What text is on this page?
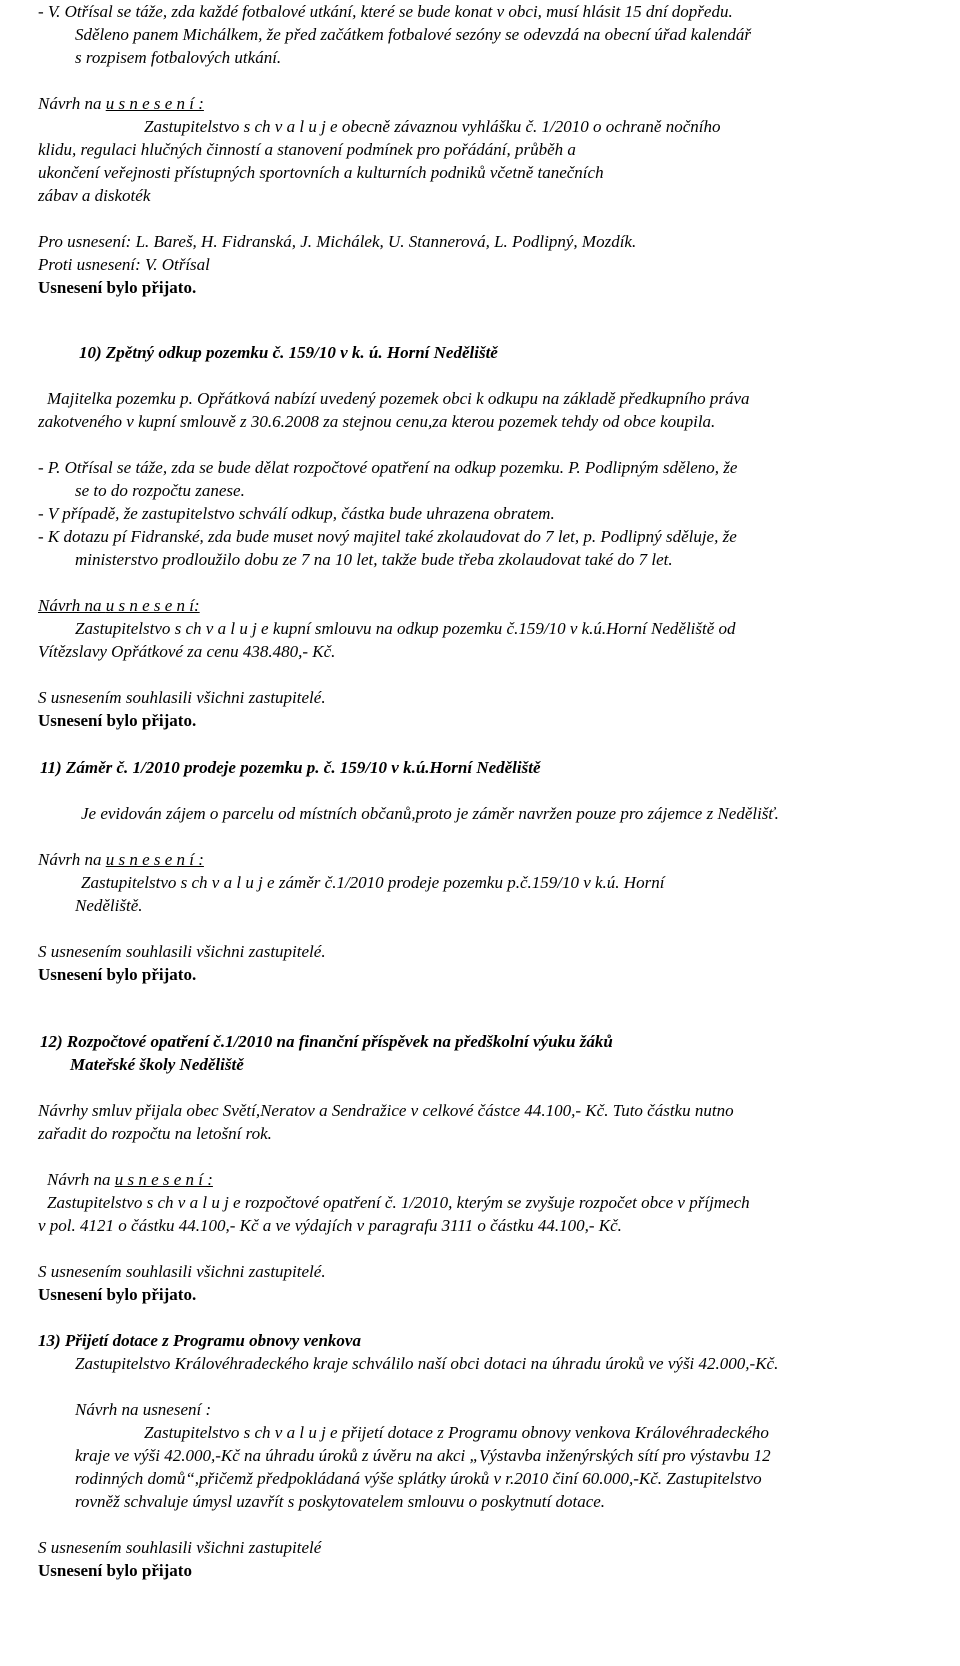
- V. Otřísal se táže, zda každé fotbalové utkání, které se bude konat v obci, musí hlásit 15 dní dopředu.
Sděleno panem Michálkem, že před začátkem fotbalové sezóny se odevzdá na obecní úřad kalendář
s rozpisem fotbalových utkání.
Návrh na u s n e s e n í :
Zastupitelstvo s ch v a l u j e obecně závaznou vyhlášku č. 1/2010 o ochraně nočního
klidu, regulaci hlučných činností a stanovení podmínek pro pořádání, průběh a
ukončení veřejnosti přístupných sportovních a kulturních podniků včetně tanečních
zábav a diskoték
Pro usnesení: L. Bareš, H. Fidranská, J. Michálek, U. Stannerová, L. Podlipný, Mozdík.
Proti usnesení: V. Otřísal
Usnesení bylo přijato.
10) Zpětný odkup pozemku č. 159/10 v k. ú. Horní Neděliště
Majitelka pozemku p. Opřátková nabízí uvedený pozemek obci k odkupu na základě předkupního práva
zakotveného v kupní smlouvě z 30.6.2008 za stejnou cenu,za kterou pozemek tehdy od obce koupila.
- P. Otřísal se táže, zda se bude dělat rozpočtové opatření na odkup pozemku. P. Podlipným sděleno, že
se to do rozpočtu zanese.
- V případě, že zastupitelstvo schválí odkup, částka bude uhrazena obratem.
- K dotazu pí Fidranské, zda bude muset nový majitel také zkolaudovat do 7 let, p. Podlipný sděluje, že
ministerstvo prodloužilo dobu ze 7 na 10 let, takže bude třeba zkolaudovat také do 7 let.
Návrh na u s n e s e n í:
Zastupitelstvo s ch v a l u j e kupní smlouvu na odkup pozemku č.159/10 v k.ú.Horní Neděliště od
Vítězslavy Opřátkové za cenu 438.480,- Kč.
S usnesením souhlasili všichni zastupitelé.
Usnesení bylo přijato.
11) Záměr č. 1/2010 prodeje pozemku p. č. 159/10 v k.ú.Horní Neděliště
Je evidován zájem o parcelu od místních občanů,proto je záměr navržen pouze pro zájemce z Nedělišť.
Návrh na u s n e s e n í :
Zastupitelstvo s ch v a l u j e záměr č.1/2010 prodeje pozemku p.č.159/10 v k.ú. Horní
Neděliště.
S usnesením souhlasili všichni zastupitelé.
Usnesení bylo přijato.
12) Rozpočtové opatření č.1/2010 na finanční příspěvek na předškolní výuku žáků
Mateřské školy Neděliště
Návrhy smluv přijala obec Světí,Neratov a Sendražice v celkové částce 44.100,- Kč. Tuto částku nutno
zařadit do rozpočtu na letošní rok.
Návrh na u s n e s e n í :
Zastupitelstvo s ch v a l u j e rozpočtové opatření č. 1/2010, kterým se zvyšuje rozpočet obce v příjmech
v pol. 4121 o částku 44.100,- Kč a ve výdajích v paragrafu 3111 o částku 44.100,- Kč.
S usnesením souhlasili všichni zastupitelé.
Usnesení bylo přijato.
13) Přijetí dotace z Programu obnovy venkova
Zastupitelstvo Královéhradeckého kraje schválilo naší obci dotaci na úhradu úroků ve výši 42.000,-Kč.
Návrh na usnesení :
Zastupitelstvo s ch v a l u j e přijetí dotace z Programu obnovy venkova Královéhradeckého
kraje ve výši 42.000,-Kč na úhradu úroků z úvěru na akci „Výstavba inženýrských sítí pro výstavbu 12
rodinných domů“,přičemž předpokládaná výše splátky úroků v r.2010 činí 60.000,-Kč. Zastupitelstvo
rovněž schvaluje úmysl uzavřít s poskytovatelem smlouvu o poskytnutí dotace.
S usnesením souhlasili všichni zastupitelé
Usnesení bylo přijato
